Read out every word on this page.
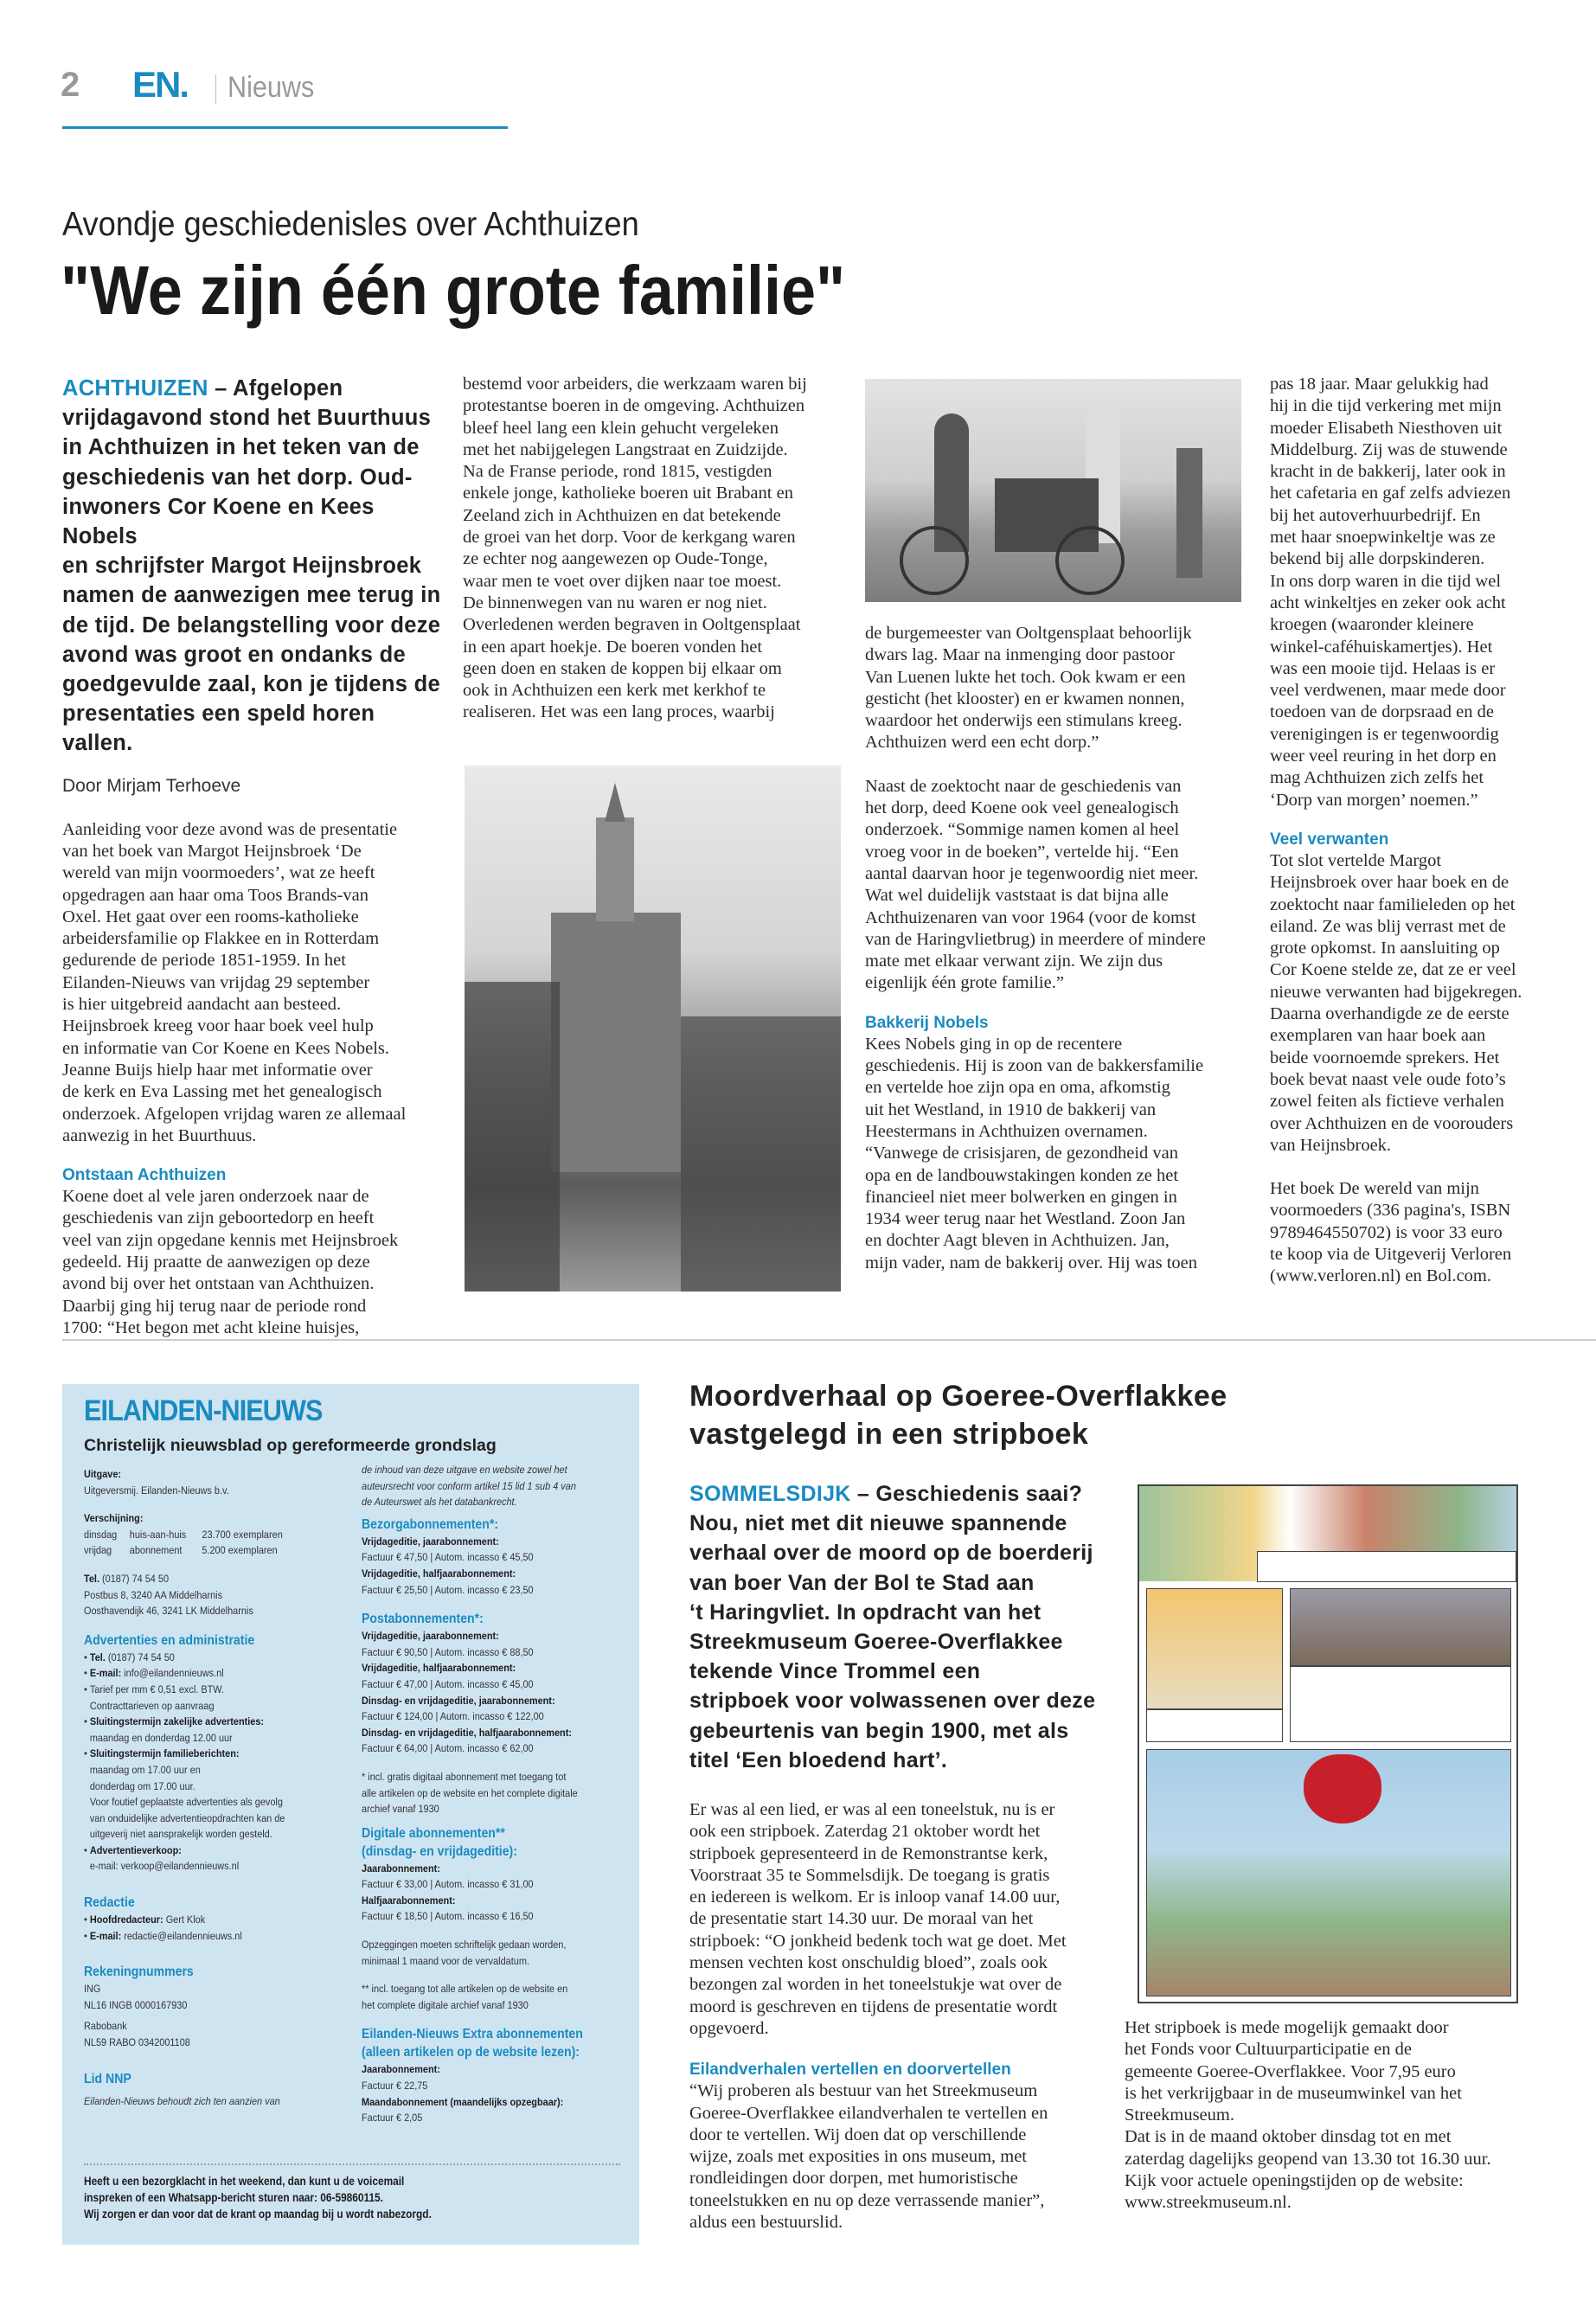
2 EN. Nieuws
Avondje geschiedenisles over Achthuizen
"We zijn één grote familie"
ACHTHUIZEN – Afgelopen
vrijdagavond stond het Buurthuus
in Achthuizen in het teken van de
geschiedenis van het dorp. Oud-
inwoners Cor Koene en Kees Nobels
en schrijfster Margot Heijnsbroek
namen de aanwezigen mee terug in
de tijd. De belangstelling voor deze
avond was groot en ondanks de
goedgevulde zaal, kon je tijdens de
presentaties een speld horen vallen.
Door Mirjam Terhoeve
Aanleiding voor deze avond was de presentatie
van het boek van Margot Heijnsbroek ‘De
wereld van mijn voormoeders’, wat ze heeft
opgedragen aan haar oma Toos Brands-van
Oxel. Het gaat over een rooms-katholieke
arbeidersfamilie op Flakkee en in Rotterdam
gedurende de periode 1851-1959. In het
Eilanden-Nieuws van vrijdag 29 september
is hier uitgebreid aandacht aan besteed.
Heijnsbroek kreeg voor haar boek veel hulp
en informatie van Cor Koene en Kees Nobels.
Jeanne Buijs hielp haar met informatie over
de kerk en Eva Lassing met het genealogisch
onderzoek. Afgelopen vrijdag waren ze allemaal
aanwezig in het Buurthuus.
Ontstaan Achthuizen
Koene doet al vele jaren onderzoek naar de
geschiedenis van zijn geboortedorp en heeft
veel van zijn opgedane kennis met Heijnsbroek
gedeeld. Hij praatte de aanwezigen op deze
avond bij over het ontstaan van Achthuizen.
Daarbij ging hij terug naar de periode rond
1700: “Het begon met acht kleine huisjes,
bestemd voor arbeiders, die werkzaam waren bij
protestantse boeren in de omgeving. Achthuizen
bleef heel lang een klein gehucht vergeleken
met het nabijgelegen Langstraat en Zuidzijde.
Na de Franse periode, rond 1815, vestigden
enkele jonge, katholieke boeren uit Brabant en
Zeeland zich in Achthuizen en dat betekende
de groei van het dorp. Voor de kerkgang waren
ze echter nog aangewezen op Oude-Tonge,
waar men te voet over dijken naar toe moest.
De binnenwegen van nu waren er nog niet.
Overledenen werden begraven in Ooltgensplaat
in een apart hoekje. De boeren vonden het
geen doen en staken de koppen bij elkaar om
ook in Achthuizen een kerk met kerkhof te
realiseren. Het was een lang proces, waarbij
de burgemeester van Ooltgensplaat behoorlijk
dwars lag. Maar na inmenging door pastoor
Van Luenen lukte het toch. Ook kwam er een
gesticht (het klooster) en er kwamen nonnen,
waardoor het onderwijs een stimulans kreeg.
Achthuizen werd een echt dorp.”
Naast de zoektocht naar de geschiedenis van
het dorp, deed Koene ook veel genealogisch
onderzoek. “Sommige namen komen al heel
vroeg voor in de boeken”, vertelde hij. “Een
aantal daarvan hoor je tegenwoordig niet meer.
Wat wel duidelijk vaststaat is dat bijna alle
Achthuizenaren van voor 1964 (voor de komst
van de Haringvlietbrug) in meerdere of mindere
mate met elkaar verwant zijn. We zijn dus
eigenlijk één grote familie.”
Bakkerij Nobels
Kees Nobels ging in op de recentere
geschiedenis. Hij is zoon van de bakkersfamilie
en vertelde hoe zijn opa en oma, afkomstig
uit het Westland, in 1910 de bakkerij van
Heestermans in Achthuizen overnamen.
“Vanwege de crisisjaren, de gezondheid van
opa en de landbouwstakingen konden ze het
financieel niet meer bolwerken en gingen in
1934 weer terug naar het Westland. Zoon Jan
en dochter Aagt bleven in Achthuizen. Jan,
mijn vader, nam de bakkerij over. Hij was toen
pas 18 jaar. Maar gelukkig had
hij in die tijd verkering met mijn
moeder Elisabeth Niesthoven uit
Middelburg. Zij was de stuwende
kracht in de bakkerij, later ook in
het cafetaria en gaf zelfs adviezen
bij het autoverhuurbedrijf. En
met haar snoepwinkeltje was ze
bekend bij alle dorpskinderen.
In ons dorp waren in die tijd wel
acht winkeltjes en zeker ook acht
kroegen (waaronder kleinere
winkel-caféhuiskamertjes). Het
was een mooie tijd. Helaas is er
veel verdwenen, maar mede door
toedoen van de dorpsraad en de
verenigingen is er tegenwoordig
weer veel reuring in het dorp en
mag Achthuizen zich zelfs het
‘Dorp van morgen’ noemen.”
Veel verwanten
Tot slot vertelde Margot
Heijnsbroek over haar boek en de
zoektocht naar familieleden op het
eiland. Ze was blij verrast met de
grote opkomst. In aansluiting op
Cor Koene stelde ze, dat ze er veel
nieuwe verwanten had bijgekregen.
Daarna overhandigde ze de eerste
exemplaren van haar boek aan
beide voornoemde sprekers. Het
boek bevat naast vele oude foto’s
zowel feiten als fictieve verhalen
over Achthuizen en de voorouders
van Heijnsbroek.
Het boek De wereld van mijn
voormoeders (336 pagina's, ISBN
9789464550702) is voor 33 euro
te koop via de Uitgeverij Verloren
(www.verloren.nl) en Bol.com.
EILANDEN-NIEUWS
Christelijk nieuwsblad op gereformeerde grondslag
Uitgave:
Uitgeversmij. Eilanden-Nieuws b.v.
Verschijning:
dinsdag	huis-aan-huis	23.700 exemplaren
vrijdag	abonnement	5.200 exemplaren
Tel. (0187) 74 54 50
Postbus 8, 3240 AA Middelharnis
Oosthavendijk 46, 3241 LK Middelharnis
Advertenties en administratie
• Tel. (0187) 74 54 50
• E-mail: info@eilandennieuws.nl
• Tarief per mm € 0,51 excl. BTW.
Contracttarieven op aanvraag
• Sluitingstermijn zakelijke advertenties:
maandag en donderdag 12.00 uur
• Sluitingstermijn familieberichten:
maandag om 17.00 uur en
donderdag om 17.00 uur.
Voor foutief geplaatste advertenties als gevolg
van onduidelijke advertentieopdrachten kan de
uitgeverij niet aansprakelijk worden gesteld.
• Advertentieverkoop:
e-mail: verkoop@eilandennieuws.nl
Redactie
• Hoofdredacteur: Gert Klok
• E-mail: redactie@eilandennieuws.nl
Rekeningnummers
ING
NL16 INGB 0000167930
Rabobank
NL59 RABO 0342001108
Lid NNP
Eilanden-Nieuws behoudt zich ten aanzien van
de inhoud van deze uitgave en website zowel het
auteursrecht voor conform artikel 15 lid 1 sub 4 van
de Auteurswet als het databankrecht.
Bezorgabonnementen*:
Vrijdageditie, jaarabonnement:
Factuur € 47,50 | Autom. incasso € 45,50
Vrijdageditie, halfjaarabonnement:
Factuur € 25,50 | Autom. incasso € 23,50
Postabonnementen*:
Vrijdageditie, jaarabonnement:
Factuur € 90,50 | Autom. incasso € 88,50
Vrijdageditie, halfjaarabonnement:
Factuur € 47,00 | Autom. incasso € 45,00
Dinsdag- en vrijdageditie, jaarabonnement:
Factuur € 124,00 | Autom. incasso € 122,00
Dinsdag- en vrijdageditie, halfjaarabonnement:
Factuur € 64,00 | Autom. incasso € 62,00
* incl. gratis digitaal abonnement met toegang tot
alle artikelen op de website en het complete digitale
archief vanaf 1930
Digitale abonnementen**
(dinsdag- en vrijdageditie):
Jaarabonnement:
Factuur € 33,00 | Autom. incasso € 31,00
Halfjaarabonnement:
Factuur € 18,50 | Autom. incasso € 16,50
Opzeggingen moeten schriftelijk gedaan worden,
minimaal 1 maand voor de vervaldatum.
** incl. toegang tot alle artikelen op de website en
het complete digitale archief vanaf 1930
Eilanden-Nieuws Extra abonnementen
(alleen artikelen op de website lezen):
Jaarabonnement:
Factuur € 22,75
Maandabonnement (maandelijks opzegbaar):
Factuur € 2,05
Heeft u een bezorgklacht in het weekend, dan kunt u de voicemail
inspreken of een Whatsapp-bericht sturen naar: 06-59860115.
Wij zorgen er dan voor dat de krant op maandag bij u wordt nabezorgd.
Moordverhaal op Goeree-Overflakkee
vastgelegd in een stripboek
SOMMELSDIJK – Geschiedenis saai?
Nou, niet met dit nieuwe spannende
verhaal over de moord op de boerderij
van boer Van der Bol te Stad aan
‘t Haringvliet. In opdracht van het
Streekmuseum Goeree-Overflakkee
tekende Vince Trommel een
stripboek voor volwassenen over deze
gebeurtenis van begin 1900, met als
titel ‘Een bloedend hart’.
Er was al een lied, er was al een toneelstuk, nu is er
ook een stripboek. Zaterdag 21 oktober wordt het
stripboek gepresenteerd in de Remonstrantse kerk,
Voorstraat 35 te Sommelsdijk. De toegang is gratis
en iedereen is welkom. Er is inloop vanaf 14.00 uur,
de presentatie start 14.30 uur. De moraal van het
stripboek: “O jonkheid bedenk toch wat ge doet. Met
mensen vechten kost onschuldig bloed”, zoals ook
bezongen zal worden in het toneelstukje wat over de
moord is geschreven en tijdens de presentatie wordt
opgevoerd.
Eilandverhalen vertellen en doorvertellen
“Wij proberen als bestuur van het Streekmuseum
Goeree-Overflakkee eilandverhalen te vertellen en
door te vertellen. Wij doen dat op verschillende
wijze, zoals met exposities in ons museum, met
rondleidingen door dorpen, met humoristische
toneelstukken en nu op deze verrassende manier”,
aldus een bestuurslid.
Het stripboek is mede mogelijk gemaakt door
het Fonds voor Cultuurparticipatie en de
gemeente Goeree-Overflakkee. Voor 7,95 euro
is het verkrijgbaar in de museumwinkel van het
Streekmuseum.
Dat is in de maand oktober dinsdag tot en met
zaterdag dagelijks geopend van 13.30 tot 16.30 uur.
Kijk voor actuele openingstijden op de website:
www.streekmuseum.nl.
